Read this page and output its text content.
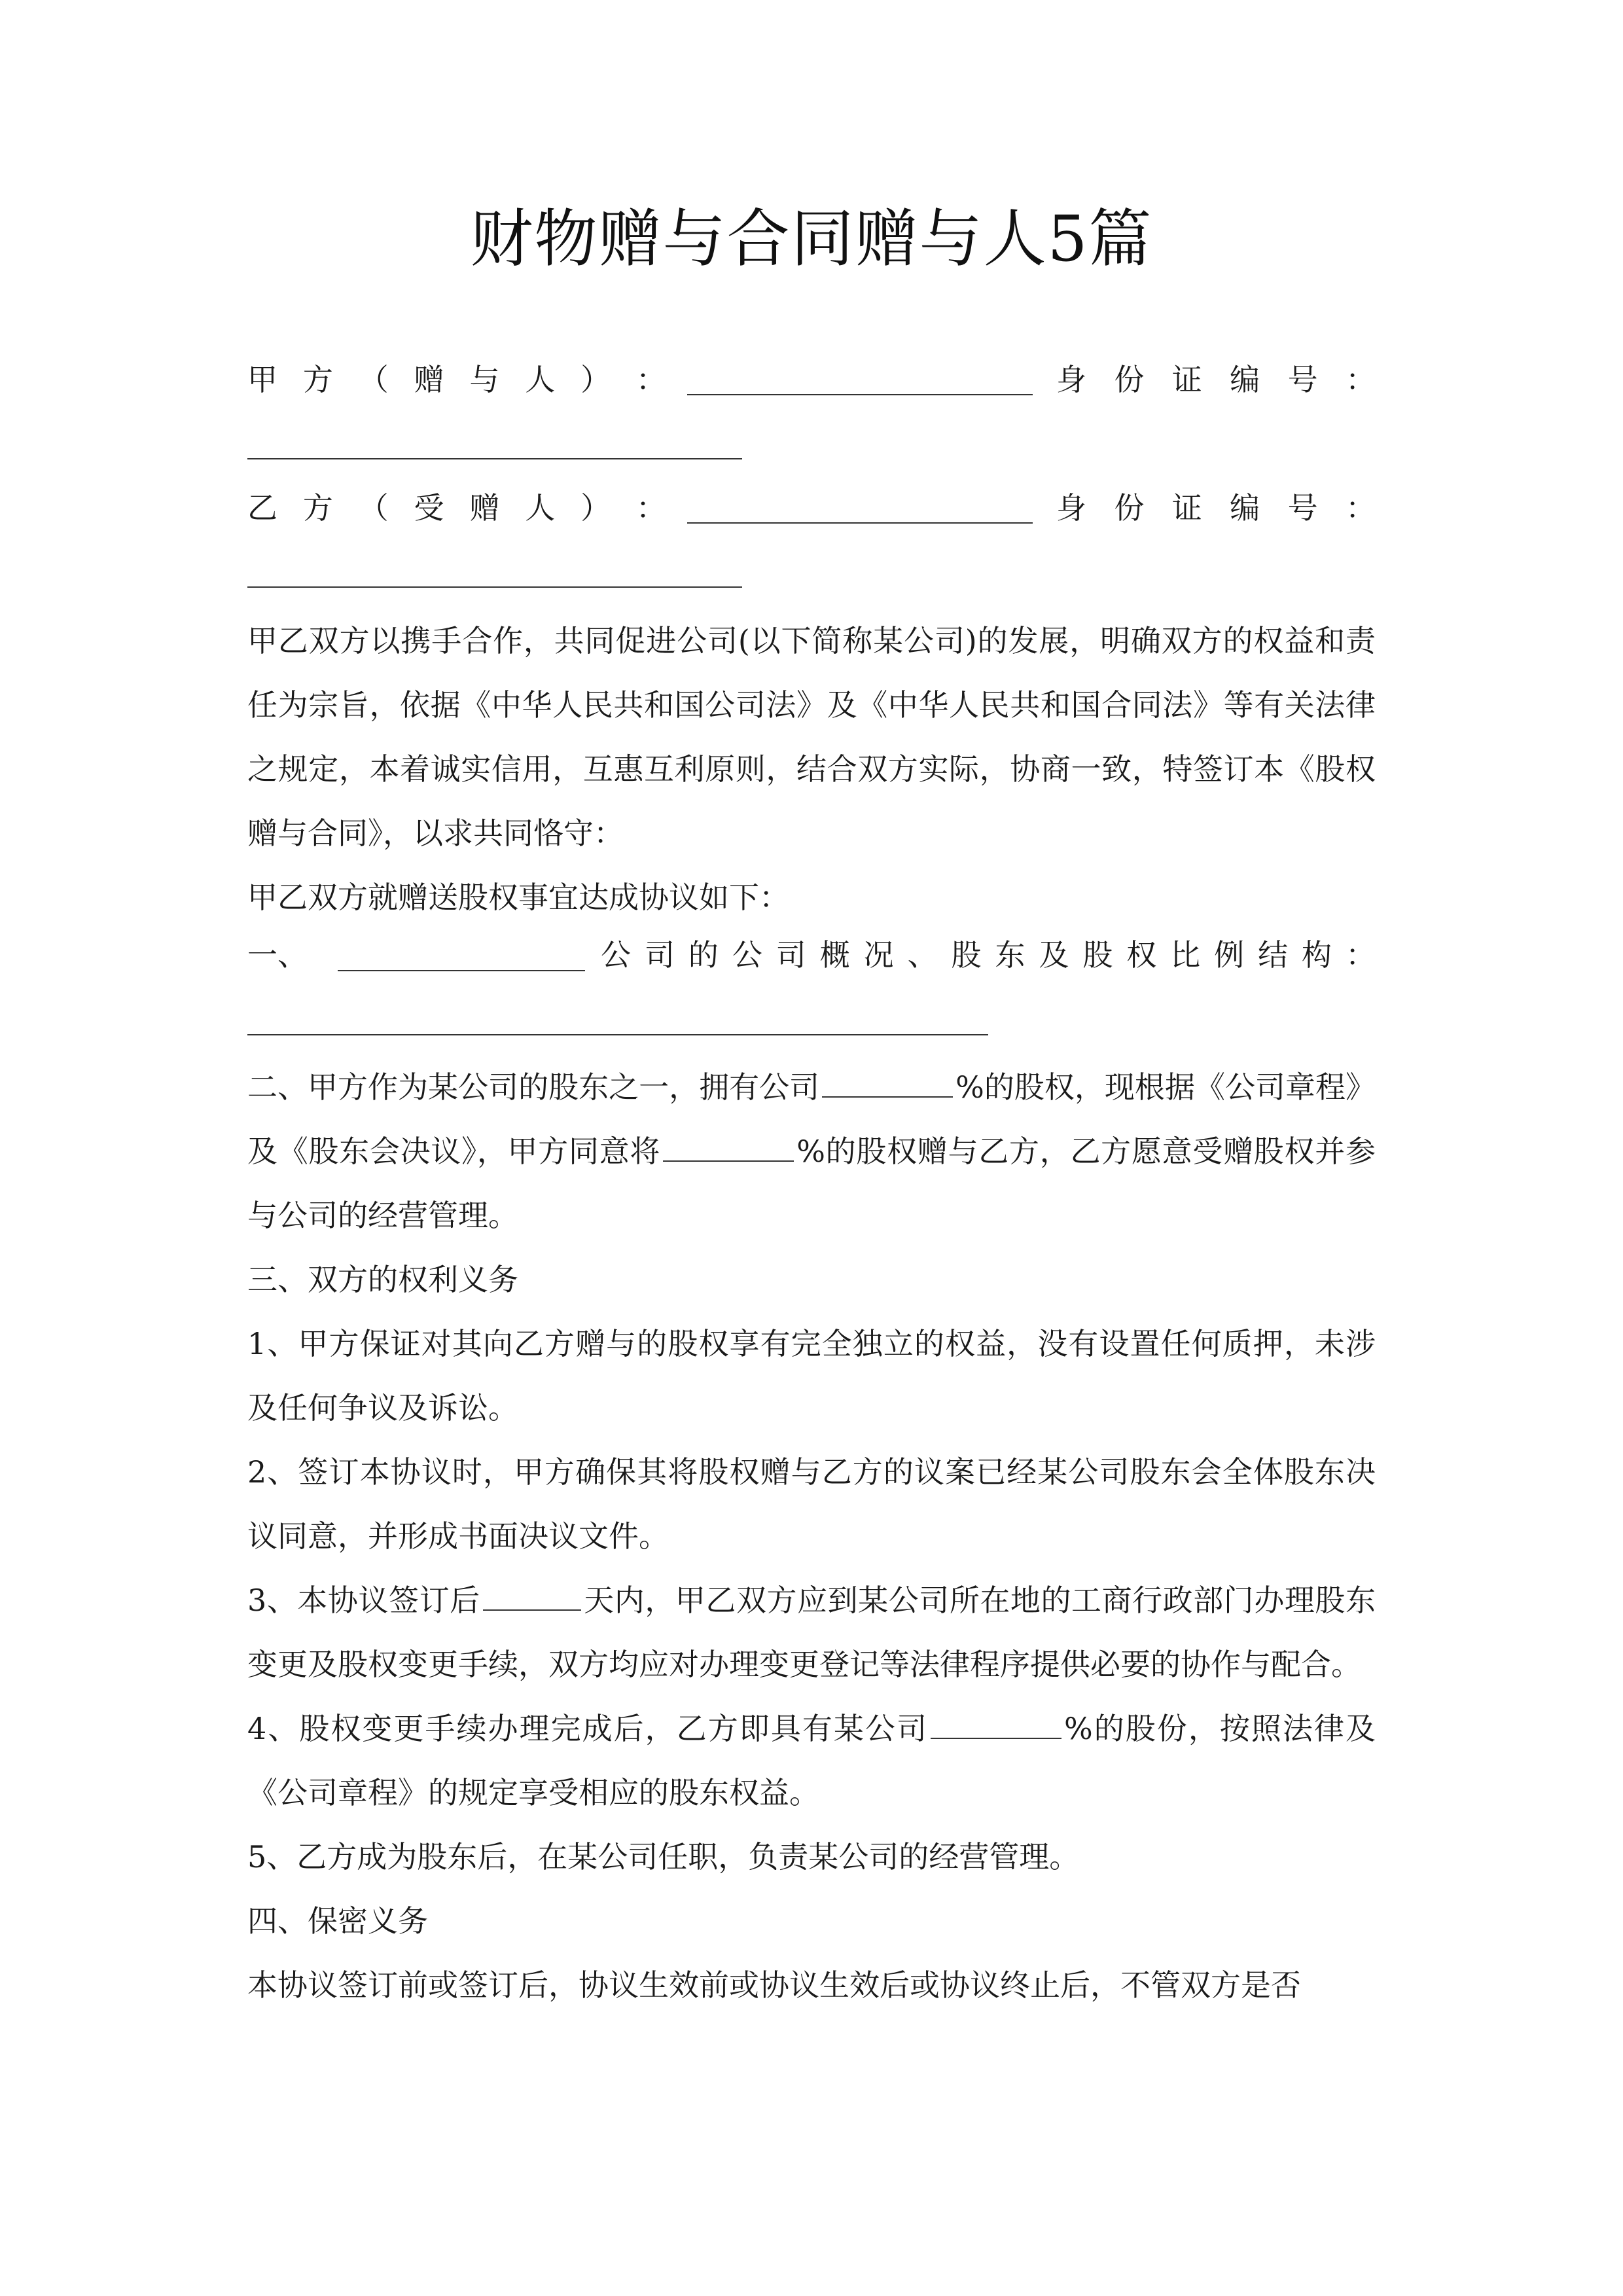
财物赠与合同赠与人5篇
甲 方 （ 赠 与 人 ） ：	身 份 证 编 号 ：
乙 方 （ 受 赠 人 ） ：	身 份 证 编 号 ：

甲乙双方以携手合作，共同促进公司(以下简称某公司)的发展，明确双方的权益和责任为宗旨，依据《中华人民共和国公司法》及《中华人民共和国合同法》等有关法律之规定，本着诚实信用，互惠互利原则，结合双方实际，协商一致，特签订本《股权赠与合同》，以求共同恪守：

甲乙双方就赠送股权事宜达成协议如下：

一、	公 司 的 公 司 概 况 、 股 东 及 股 权 比 例 结 构 ：

二、甲方作为某公司的股东之一，拥有公司	%的股权，现根据《公司章程》及《股东会决议》，甲方同意将	%的股权赠与乙方，乙方愿意受赠股权并参与公司的经营管理。

三、双方的权利义务

1、甲方保证对其向乙方赠与的股权享有完全独立的权益，没有设置任何质押，未涉及任何争议及诉讼。

2、签订本协议时，甲方确保其将股权赠与乙方的议案已经某公司股东会全体股东决议同意，并形成书面决议文件。

3、本协议签订后	天内，甲乙双方应到某公司所在地的工商行政部门办理股东变更及股权变更手续，双方均应对办理变更登记等法律程序提供必要的协作与配合。

4、股权变更手续办理完成后，乙方即具有某公司	%的股份，按照法律及《公司章程》的规定享受相应的股东权益。

5、乙方成为股东后，在某公司任职，负责某公司的经营管理。

四、保密义务

本协议签订前或签订后，协议生效前或协议生效后或协议终止后，不管双方是否
